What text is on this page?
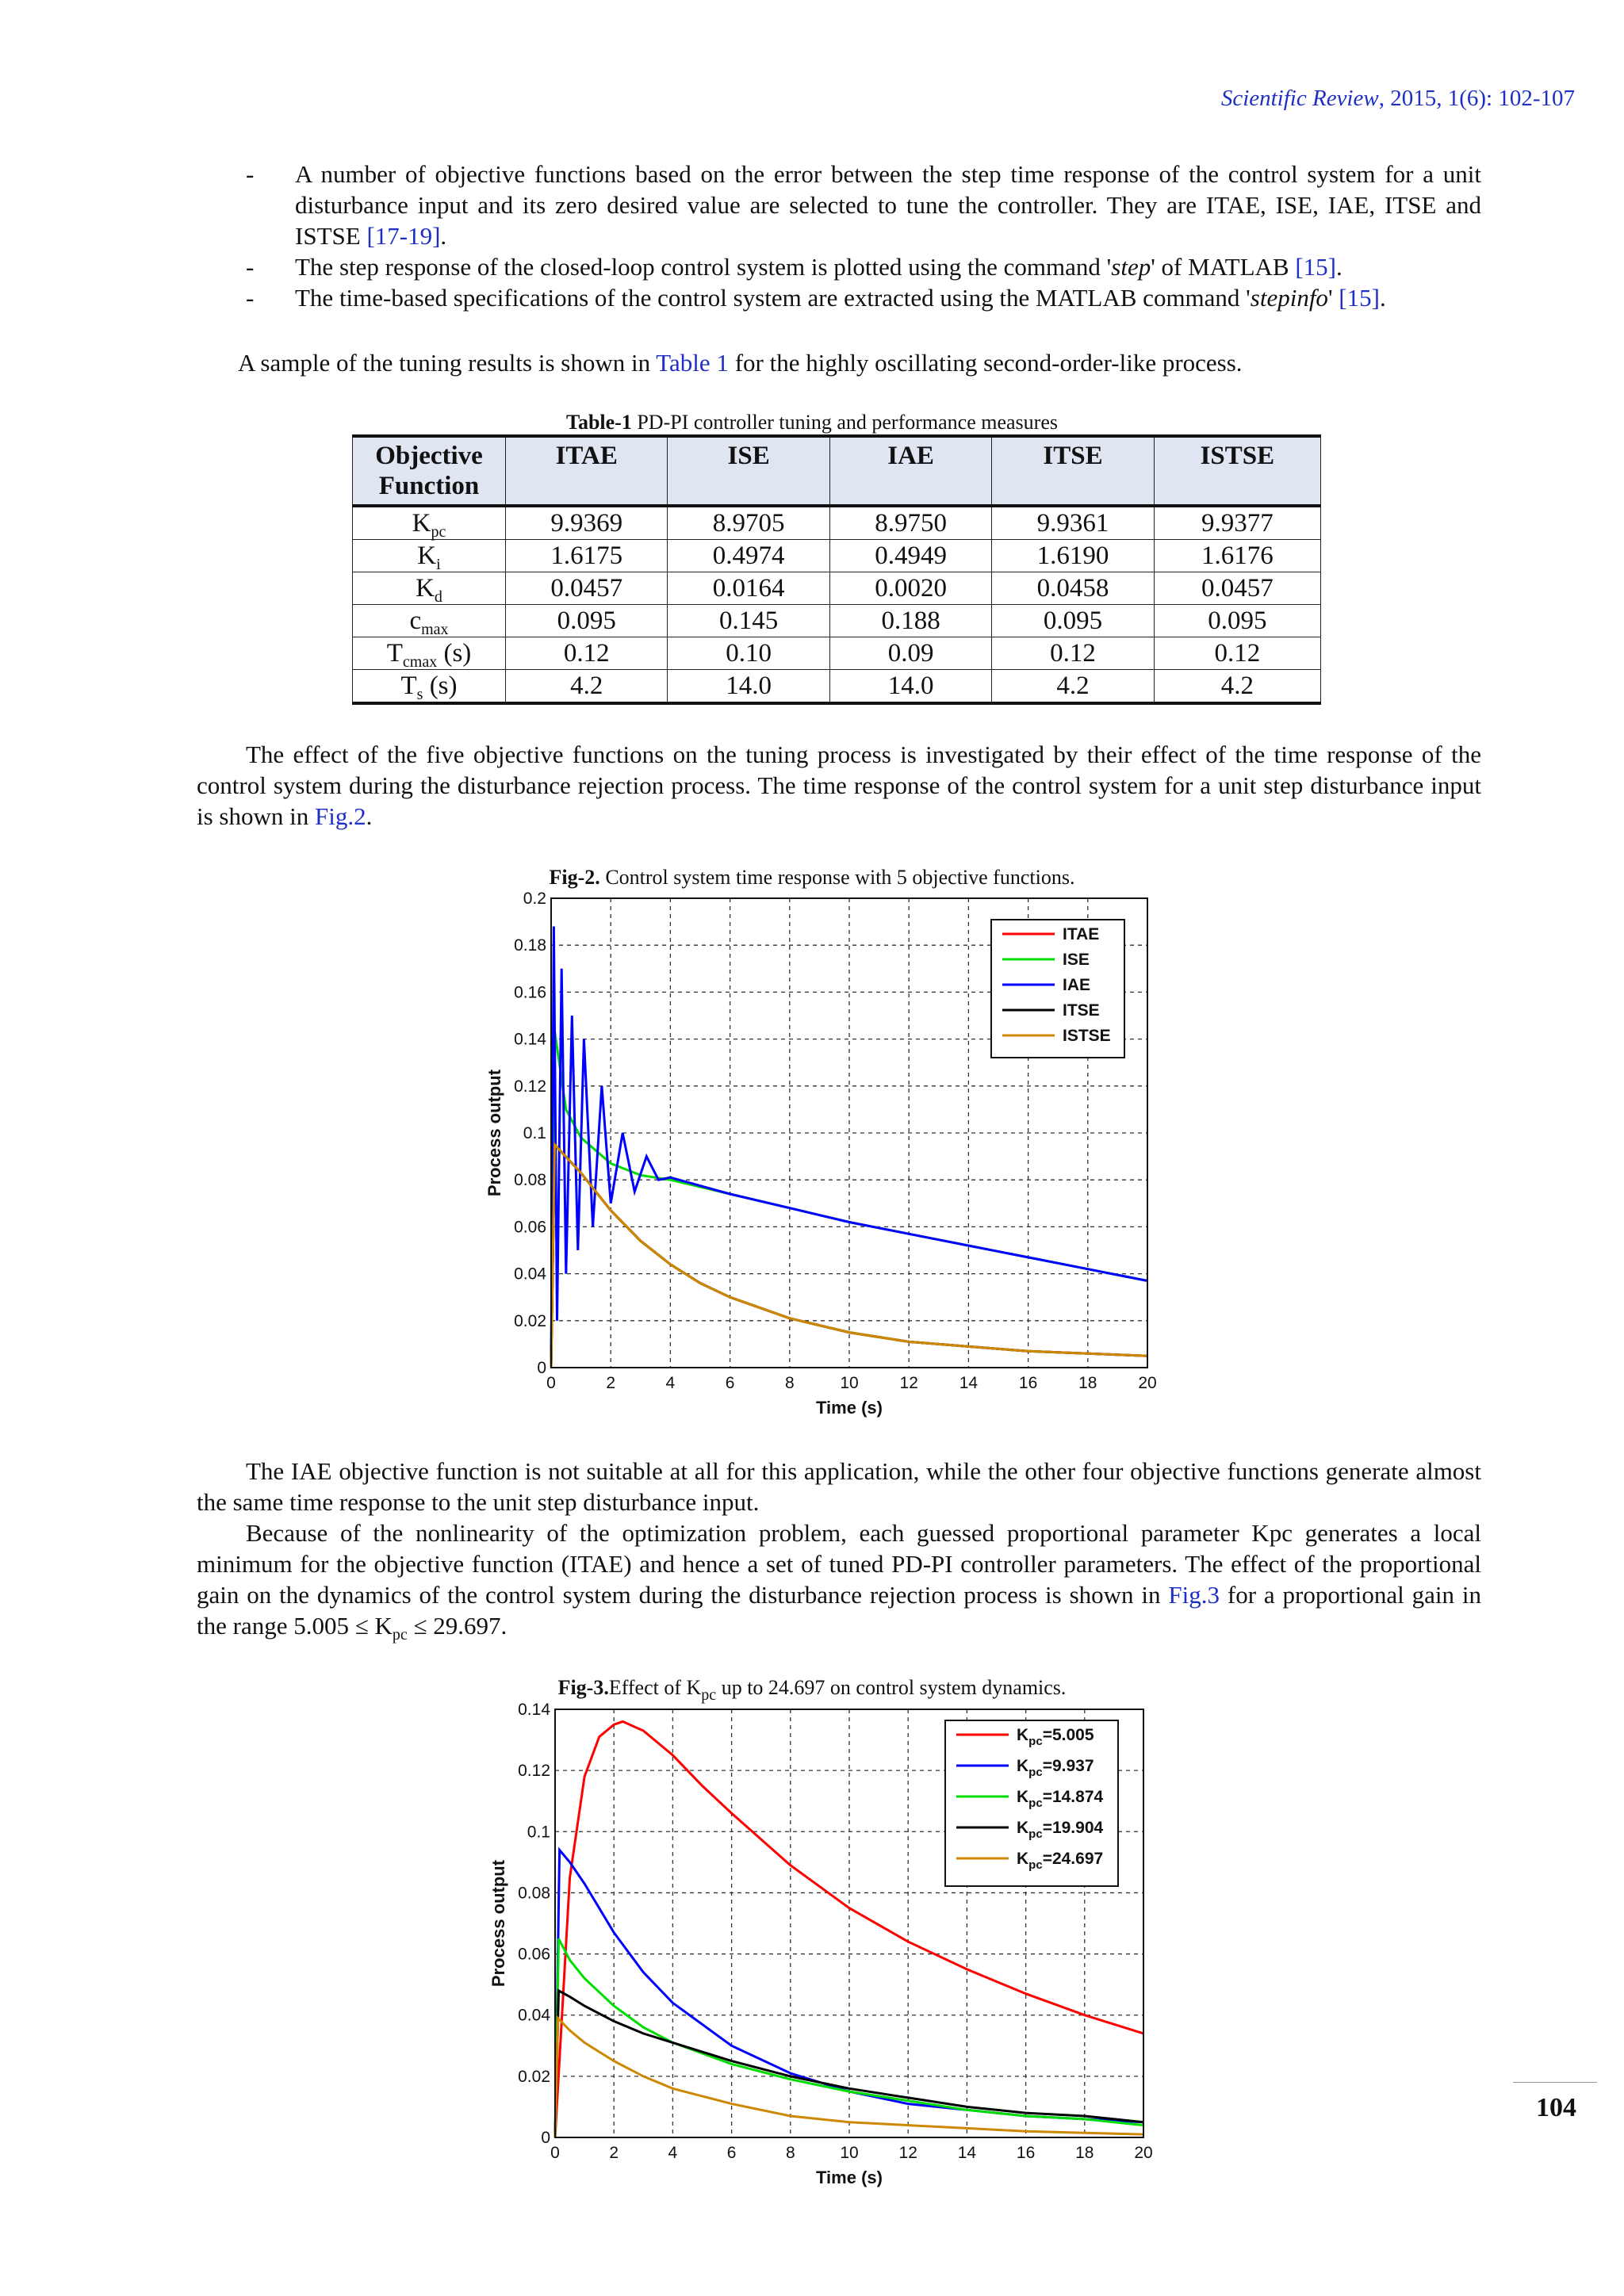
Scientific Review, 2015, 1(6): 102-107
- A number of objective functions based on the error between the step time response of the control system for a unit disturbance input and its zero desired value are selected to tune the controller. They are ITAE, ISE, IAE, ITSE and ISTSE [17-19].
- The step response of the closed-loop control system is plotted using the command 'step' of MATLAB [15].
- The time-based specifications of the control system are extracted using the MATLAB command 'stepinfo' [15].
A sample of the tuning results is shown in Table 1 for the highly oscillating second-order-like process.
Table-1 PD-PI controller tuning and performance measures
Objective
Function	ITAE	ISE	IAE	ITSE	ISTSE
$K_{pc}$	9.9369	8.9705	8.9750	9.9361	9.9377
$K_i$	1.6175	0.4974	0.4949	1.6190	1.6176
$K_d$	0.0457	0.0164	0.0020	0.0458	0.0457
$c_{max}$	0.095	0.145	0.188	0.095	0.095
$T_{cmax}$ (s)	0.12	0.10	0.09	0.12	0.12
$T_s$ (s)	4.2	14.0	14.0	4.2	4.2
The effect of the five objective functions on the tuning process is investigated by their effect of the time response of the control system during the disturbance rejection process. The time response of the control system for a unit step disturbance input is shown in Fig.2.
Fig-2. Control system time response with 5 objective functions.
0	2	4	6	8	10 12 14 16 18 20
0
0.02
0.04
0.06
0.08
0.1
0.12
0.14
0.16
0.18
0.2
Time (s)
Process output
ITAE
ISE
IAE
ITSE
ISTSE
The IAE objective function is not suitable at all for this application, while the other four objective functions generate almost the same time response to the unit step disturbance input.
Because of the nonlinearity of the optimization problem, each guessed proportional parameter Kpc generates a local minimum for the objective function (ITAE) and hence a set of tuned PD-PI controller parameters. The effect of the proportional gain on the dynamics of the control system during the disturbance rejection process is shown in Fig.3 for a proportional gain in the range $5.005 \le K_{pc} \le 29.697$.
Fig-3.Effect of $K_{pc}$ up to 24.697 on control system dynamics.
0	2	4	6	8	10 12 14 16 18 20
0
0.02
0.04
0.06
0.08
0.1
0.12
0.14
Time (s)
Process output
$K_{pc}=5.005$
$K_{pc}=9.937$
$K_{pc}=14.874$
$K_{pc}=19.904$
$K_{pc}=24.697$
104
